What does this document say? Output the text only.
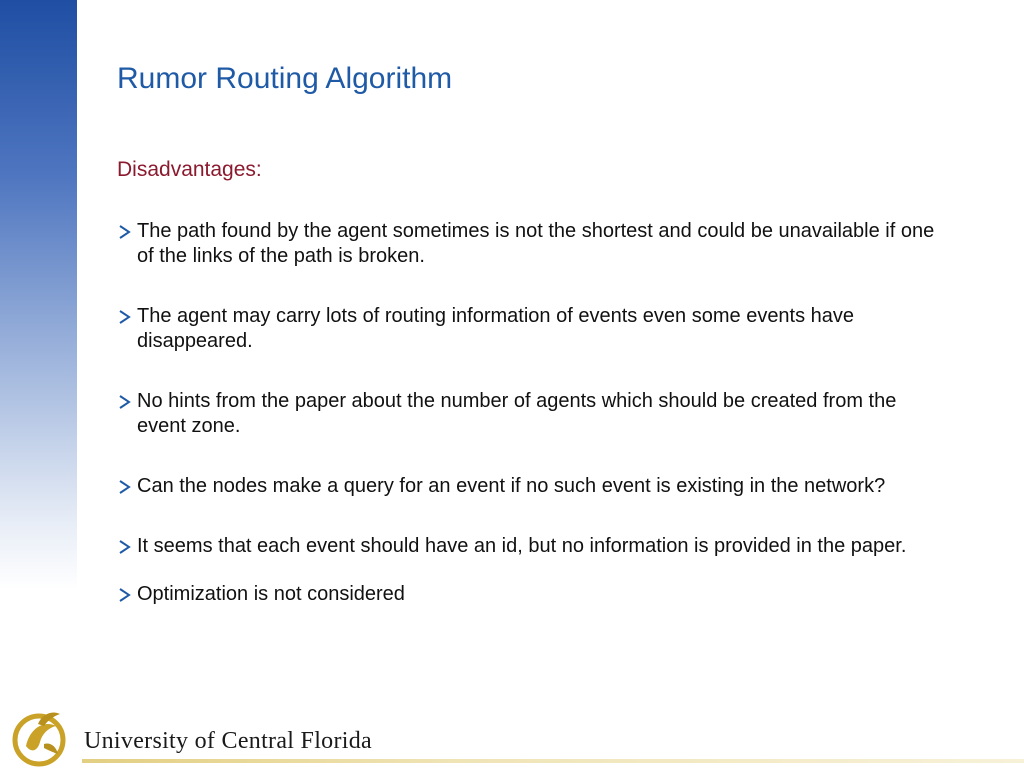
Rumor Routing Algorithm
Disadvantages:
The path found by the agent sometimes is not the shortest and could be unavailable if one of the links of the path is broken.
The agent may carry lots of routing information of events even some events have disappeared.
No hints from the paper about the number of agents which should be created from the event zone.
Can the nodes make a query for an event if no such event is existing in the network?
It seems that each event should have an id, but no information is provided in the paper.
Optimization is not considered
University of Central Florida
